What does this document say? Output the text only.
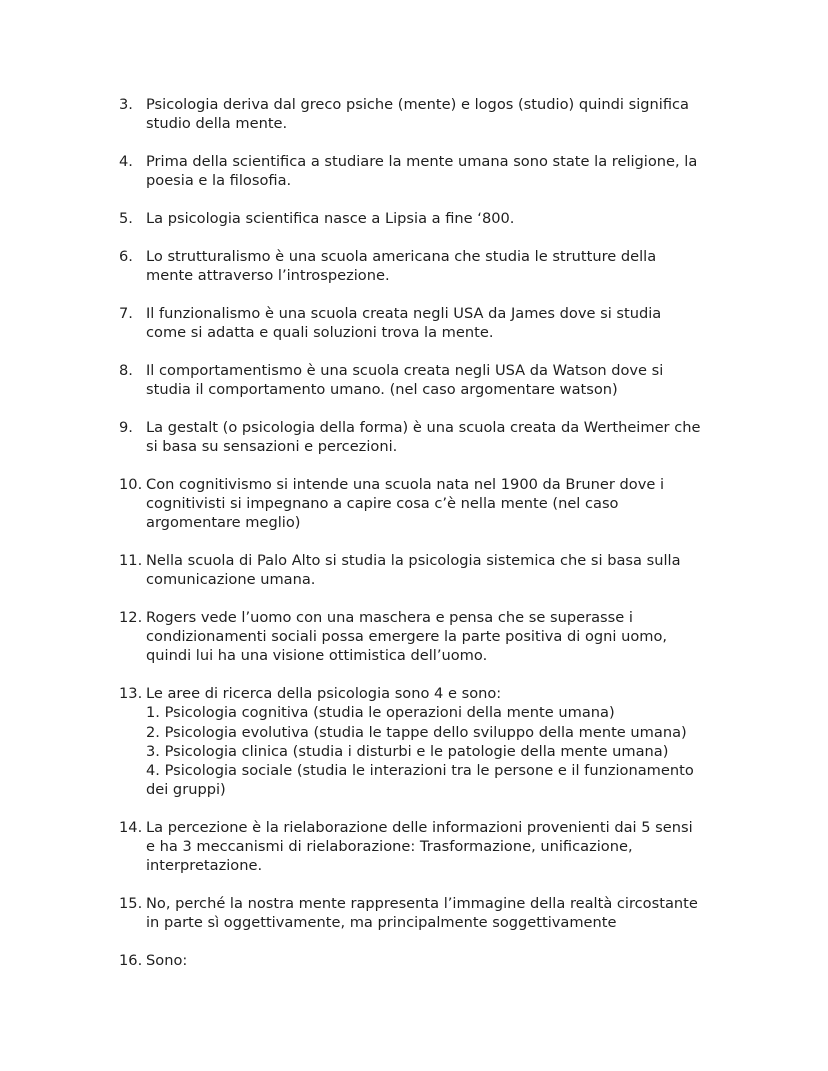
3. Psicologia deriva dal greco psiche (mente) e logos (studio) quindi significa
studio della mente.
4. Prima della scientifica a studiare la mente umana sono state la religione, la
poesia e la filosofia.
5. La psicologia scientifica nasce a Lipsia a fine ‘800.
6. Lo strutturalismo è una scuola americana che studia le strutture della
mente attraverso l’introspezione.
7. Il funzionalismo è una scuola creata negli USA da James dove si studia
come si adatta e quali soluzioni trova la mente.
8. Il comportamentismo è una scuola creata negli USA da Watson dove si
studia il comportamento umano. (nel caso argomentare watson)
9. La gestalt (o psicologia della forma) è una scuola creata da Wertheimer che
si basa su sensazioni e percezioni.
10. Con cognitivismo si intende una scuola nata nel 1900 da Bruner dove i
cognitivisti si impegnano a capire cosa c’è nella mente (nel caso
argomentare meglio)
11. Nella scuola di Palo Alto si studia la psicologia sistemica che si basa sulla
comunicazione umana.
12. Rogers vede l’uomo con una maschera e pensa che se superasse i
condizionamenti sociali possa emergere la parte positiva di ogni uomo,
quindi lui ha una visione ottimistica dell’uomo.
13. Le aree di ricerca della psicologia sono 4 e sono:
1. Psicologia cognitiva (studia le operazioni della mente umana)
2. Psicologia evolutiva (studia le tappe dello sviluppo della mente umana)
3. Psicologia clinica (studia i disturbi e le patologie della mente umana)
4. Psicologia sociale (studia le interazioni tra le persone e il funzionamento
dei gruppi)
14. La percezione è la rielaborazione delle informazioni provenienti dai 5 sensi
e ha 3 meccanismi di rielaborazione: Trasformazione, unificazione,
interpretazione.
15. No, perché la nostra mente rappresenta l’immagine della realtà circostante
in parte sì oggettivamente, ma principalmente soggettivamente
16. Sono:
